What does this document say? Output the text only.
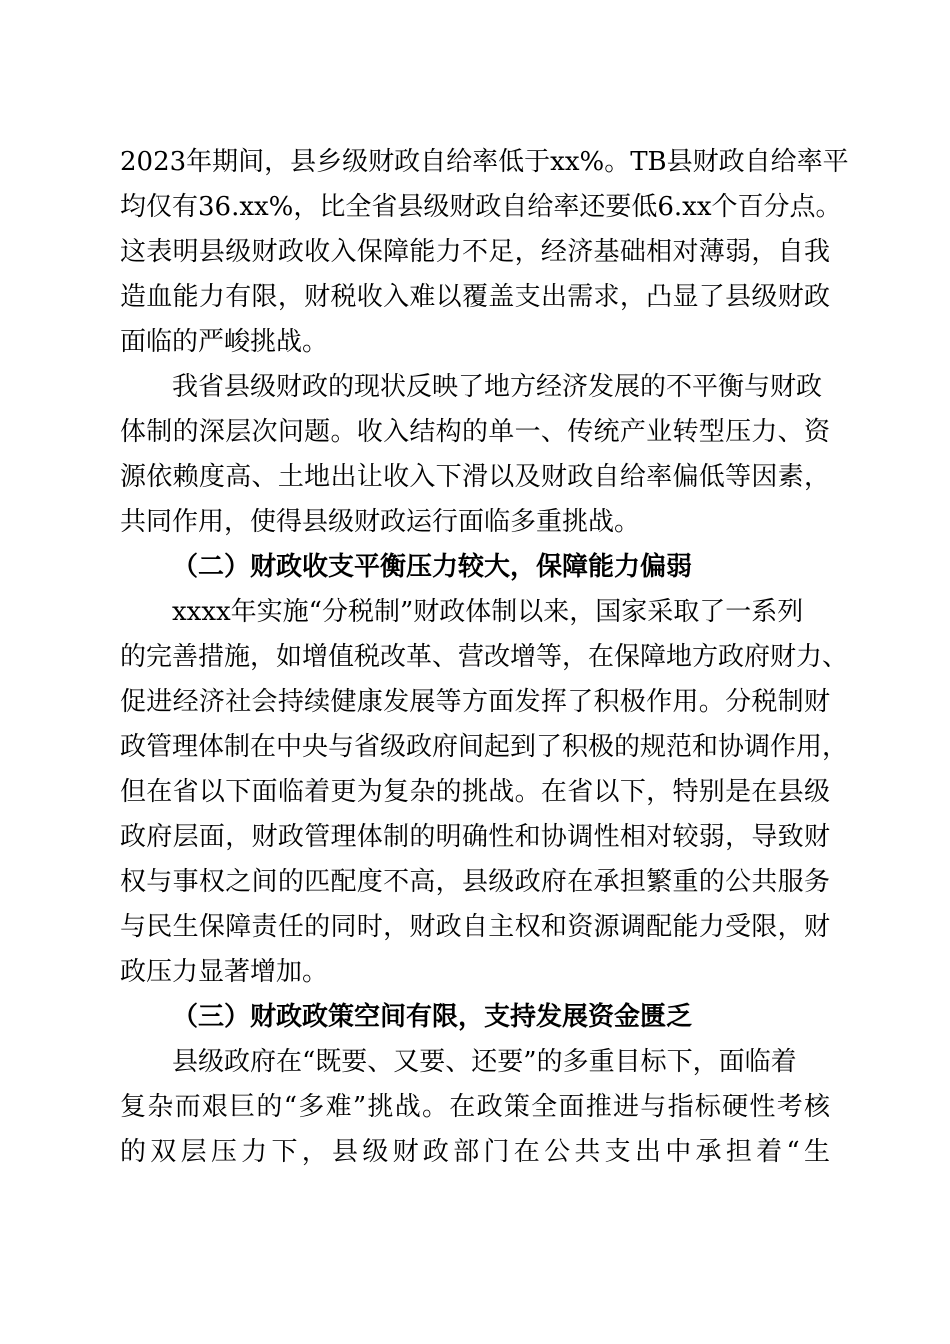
2023年期间，县乡级财政自给率低于xx%。TB县财政自给率平
均仅有36.xx%，比全省县级财政自给率还要低6.xx个百分点。
这表明县级财政收入保障能力不足，经济基础相对薄弱，自我
造血能力有限，财税收入难以覆盖支出需求，凸显了县级财政
面临的严峻挑战。
我省县级财政的现状反映了地方经济发展的不平衡与财政
体制的深层次问题。收入结构的单一、传统产业转型压力、资
源依赖度高、土地出让收入下滑以及财政自给率偏低等因素，
共同作用，使得县级财政运行面临多重挑战。
（二）财政收支平衡压力较大，保障能力偏弱
xxxx年实施“分税制”财政体制以来，国家采取了一系列
的完善措施，如增值税改革、营改增等，在保障地方政府财力、
促进经济社会持续健康发展等方面发挥了积极作用。分税制财
政管理体制在中央与省级政府间起到了积极的规范和协调作用，
但在省以下面临着更为复杂的挑战。在省以下，特别是在县级
政府层面，财政管理体制的明确性和协调性相对较弱，导致财
权与事权之间的匹配度不高，县级政府在承担繁重的公共服务
与民生保障责任的同时，财政自主权和资源调配能力受限，财
政压力显著增加。
（三）财政政策空间有限，支持发展资金匮乏
县级政府在“既要、又要、还要”的多重目标下，面临着
复杂而艰巨的“多难”挑战。在政策全面推进与指标硬性考核
的双层压力下，县级财政部门在公共支出中承担着“生
